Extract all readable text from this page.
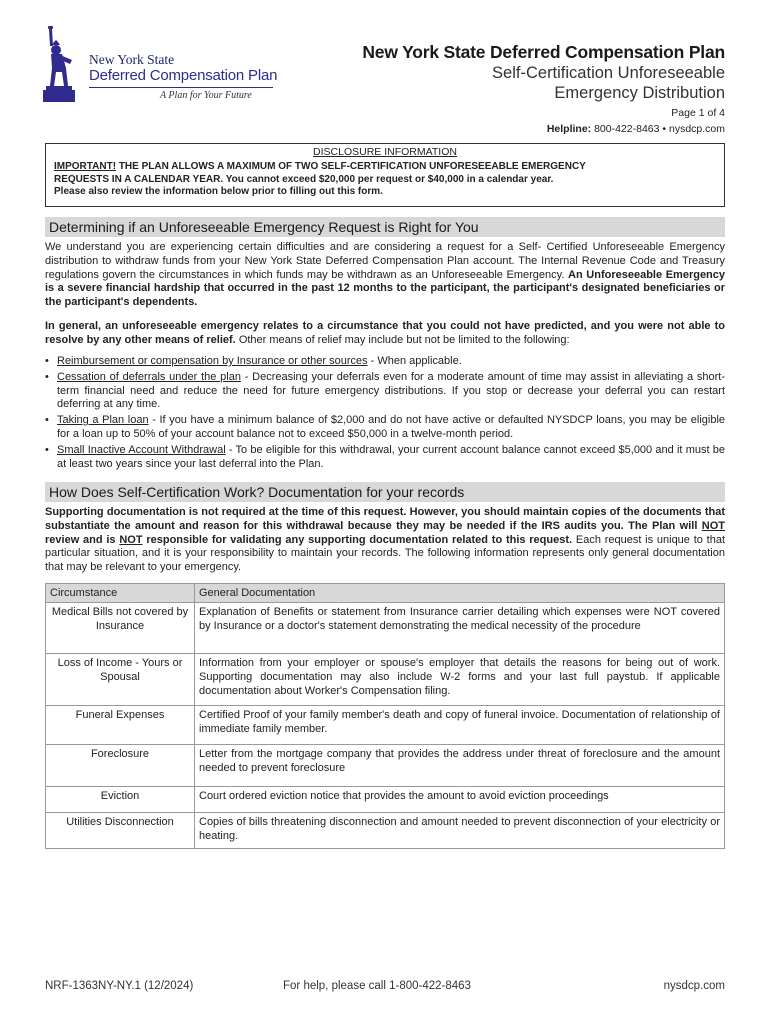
New York State
Deferred Compensation Plan
A Plan for Your Future
New York State Deferred Compensation Plan
Self-Certification Unforeseeable
Emergency Distribution
Page 1 of 4
Helpline: 800-422-8463 • nysdcp.com
DISCLOSURE INFORMATION
IMPORTANT! THE PLAN ALLOWS A MAXIMUM OF TWO SELF-CERTIFICATION UNFORESEEABLE EMERGENCY
REQUESTS IN A CALENDAR YEAR. You cannot exceed $20,000 per request or $40,000 in a calendar year.
Please also review the information below prior to filling out this form.
Determining if an Unforeseeable Emergency Request is Right for You
We understand you are experiencing certain difficulties and are considering a request for a Self- Certified Unforeseeable Emergency distribution to withdraw funds from your New York State Deferred Compensation Plan account. The Internal Revenue Code and Treasury regulations govern the circumstances in which funds may be withdrawn as an Unforeseeable Emergency. An Unforeseeable Emergency is a severe financial hardship that occurred in the past 12 months to the participant, the participant's designated beneficiaries or the participant's dependents.
In general, an unforeseeable emergency relates to a circumstance that you could not have predicted, and you were not able to resolve by any other means of relief. Other means of relief may include but not be limited to the following:
• Reimbursement or compensation by Insurance or other sources - When applicable.
• Cessation of deferrals under the plan - Decreasing your deferrals even for a moderate amount of time may assist in alleviating a short-term financial need and reduce the need for future emergency distributions. If you stop or decrease your deferral you can restart deferring at any time.
• Taking a Plan loan - If you have a minimum balance of $2,000 and do not have active or defaulted NYSDCP loans, you may be eligible for a loan up to 50% of your account balance not to exceed $50,000 in a twelve-month period.
• Small Inactive Account Withdrawal - To be eligible for this withdrawal, your current account balance cannot exceed $5,000 and it must be at least two years since your last deferral into the Plan.
How Does Self-Certification Work? Documentation for your records
Supporting documentation is not required at the time of this request. However, you should maintain copies of the documents that substantiate the amount and reason for this withdrawal because they may be needed if the IRS audits you. The Plan will NOT review and is NOT responsible for validating any supporting documentation related to this request. Each request is unique to that particular situation, and it is your responsibility to maintain your records. The following information represents only general documentation that may be relevant to your emergency.
Circumstance	General Documentation
Medical Bills not covered by Insurance	Explanation of Benefits or statement from Insurance carrier detailing which expenses were NOT covered by Insurance or a doctor's statement demonstrating the medical necessity of the procedure
Loss of Income - Yours or Spousal	Information from your employer or spouse's employer that details the reasons for being out of work. Supporting documentation may also include W-2 forms and your last full paystub. If applicable documentation about Worker's Compensation filing.
Funeral Expenses	Certified Proof of your family member's death and copy of funeral invoice. Documentation of relationship of immediate family member.
Foreclosure	Letter from the mortgage company that provides the address under threat of foreclosure and the amount needed to prevent foreclosure
Eviction	Court ordered eviction notice that provides the amount to avoid eviction proceedings
Utilities Disconnection	Copies of bills threatening disconnection and amount needed to prevent disconnection of your electricity or heating.
NRF-1363NY-NY.1 (12/2024)	For help, please call 1-800-422-8463	nysdcp.com
